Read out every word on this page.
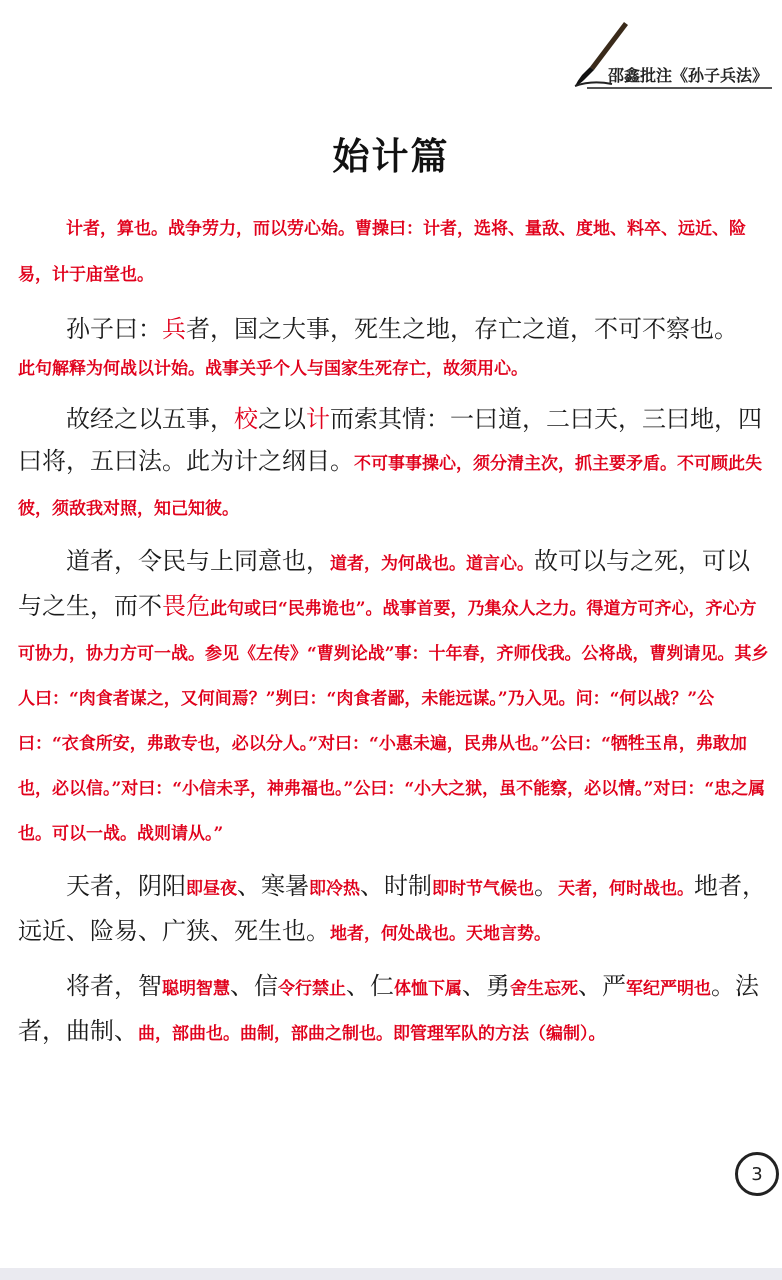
邵鑫批注《孙子兵法》
始计篇

计者，算也。战争劳力，而以劳心始。曹操曰：计者，选将、量敌、度地、料卒、远近、险易，计于庙堂也。

孙子曰：兵者，国之大事，死生之地，存亡之道，不可不察也。

此句解释为何战以计始。战事关乎个人与国家生死存亡，故须用心。

故经之以五事，校之以计而索其情：一曰道，二曰天，三曰地，四曰将，五曰法。此为计之纲目。不可事事操心，须分清主次，抓主要矛盾。不可顾此失彼，须敌我对照，知己知彼。

道者，令民与上同意也，道者，为何战也。道言心。故可以与之死，可以与之生，而不畏危此句或曰“民弗诡也”。战事首要，乃集众人之力。得道方可齐心，齐心方可协力，协力方可一战。参见《左传》“曹刿论战”事：十年春，齐师伐我。公将战，曹刿请见。其乡人曰：“肉食者谋之，又何间焉？”刿曰：“肉食者鄙，未能远谋。”乃入见。问：“何以战？”公曰：“衣食所安，弗敢专也，必以分人。”对曰：“小惠未遍，民弗从也。”公曰：“牺牲玉帛，弗敢加也，必以信。”对曰：“小信未孚，神弗福也。”公曰：“小大之狱，虽不能察，必以情。”对曰：“忠之属也。可以一战。战则请从。”

天者，阴阳即昼夜、寒暑即冷热、时制即时节气候也。天者，何时战也。地者，远近、险易、广狭、死生也。地者，何处战也。天地言势。

将者，智聪明智慧、信令行禁止、仁体恤下属、勇舍生忘死、严军纪严明也。法者，曲制、曲，部曲也。曲制，部曲之制也。即管理军队的方法（编制）。

3
